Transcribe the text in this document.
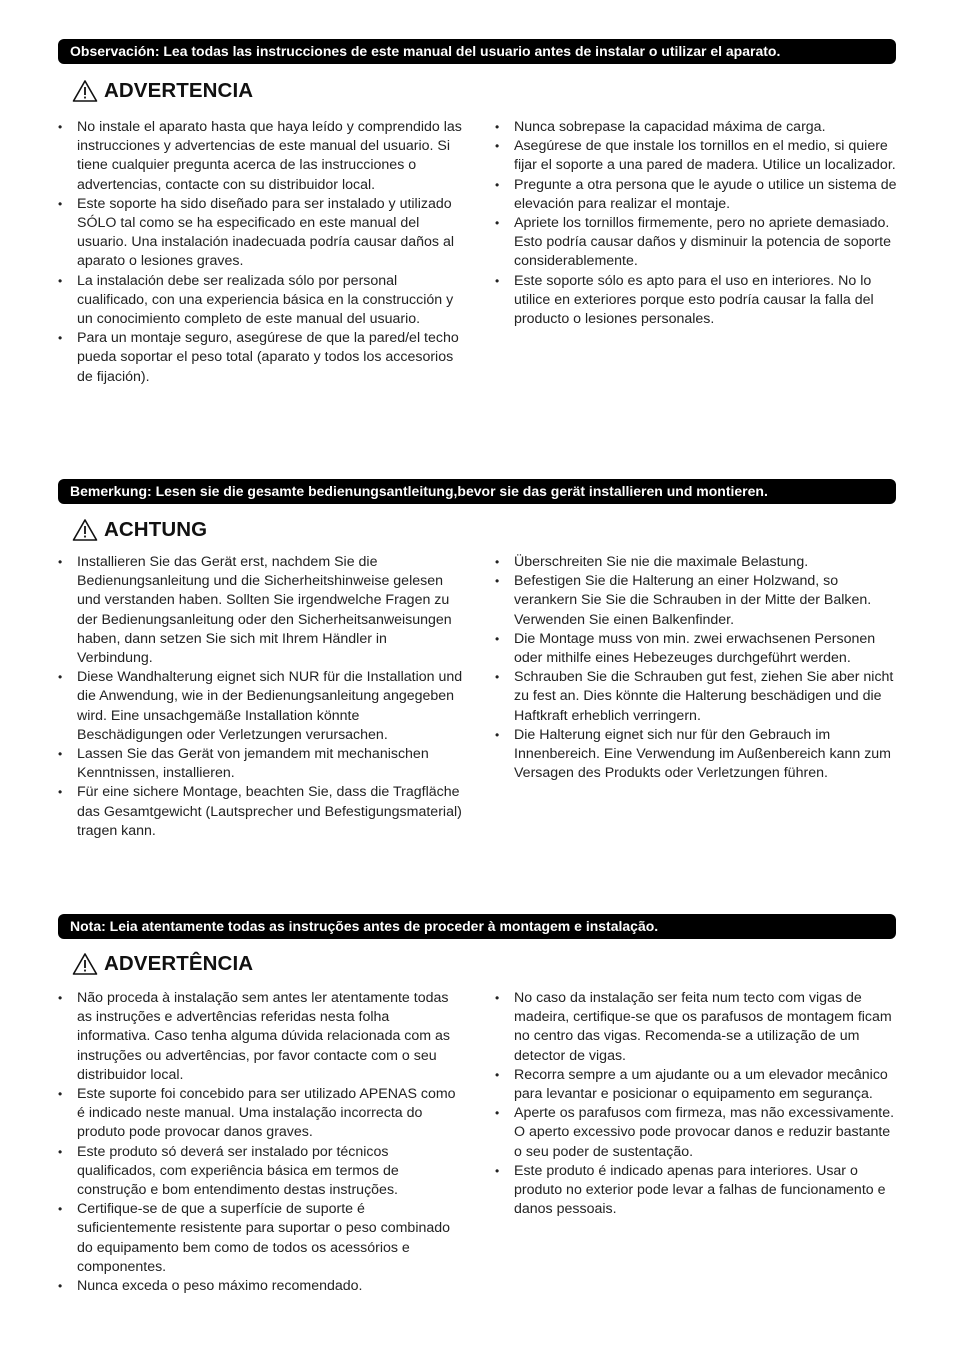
Observación: Lea todas las instrucciones de este manual del usuario antes de instalar o utilizar el aparato.
ADVERTENCIA
• No instale el aparato hasta que haya leído y comprendido las instrucciones y advertencias de este manual del usuario. Si tiene cualquier pregunta acerca de las instrucciones o advertencias, contacte con su distribuidor local.
• Este soporte ha sido diseñado para ser instalado y utilizado SÓLO tal como se ha especificado en este manual del usuario. Una instalación inadecuada podría causar daños al aparato o lesiones graves.
• La instalación debe ser realizada sólo por personal cualificado, con una experiencia básica en la construcción y un conocimiento completo de este manual del usuario.
• Para un montaje seguro, asegúrese de que la pared/el techo pueda soportar el peso total (aparato y todos los accesorios de fijación).
• Nunca sobrepase la capacidad máxima de carga.
• Asegúrese de que instale los tornillos en el medio, si quiere fijar el soporte a una pared de madera. Utilice un localizador.
• Pregunte a otra persona que le ayude o utilice un sistema de elevación para realizar el montaje.
• Apriete los tornillos firmemente, pero no apriete demasiado. Esto podría causar daños y disminuir la potencia de soporte considerablemente.
• Este soporte sólo es apto para el uso en interiores. No lo utilice en exteriores porque esto podría causar la falla del producto o lesiones personales.
Bemerkung: Lesen sie die gesamte bedienungsantleitung,bevor sie das gerät installieren und montieren.
ACHTUNG
• Installieren Sie das Gerät erst, nachdem Sie die Bedienungsanleitung und die Sicherheitshinweise gelesen und verstanden haben. Sollten Sie irgendwelche Fragen zu der Bedienungsanleitung oder den Sicherheitsanweisungen haben, dann setzen Sie sich mit Ihrem Händler in Verbindung.
• Diese Wandhalterung eignet sich NUR für die Installation und die Anwendung, wie in der Bedienungsanleitung angegeben wird. Eine unsachgemäße Installation könnte Beschädigungen oder Verletzungen verursachen.
• Lassen Sie das Gerät von jemandem mit mechanischen Kenntnissen, installieren.
• Für eine sichere Montage, beachten Sie, dass die Tragfläche das Gesamtgewicht (Lautsprecher und Befestigungsmaterial) tragen kann.
• Überschreiten Sie nie die maximale Belastung.
• Befestigen Sie die Halterung an einer Holzwand, so verankern Sie Sie die Schrauben in der Mitte der Balken. Verwenden Sie einen Balkenfinder.
• Die Montage muss von min. zwei erwachsenen Personen oder mithilfe eines Hebezeuges durchgeführt werden.
• Schrauben Sie die Schrauben gut fest, ziehen Sie aber nicht zu fest an. Dies könnte die Halterung beschädigen und die Haftkraft erheblich verringern.
• Die Halterung eignet sich nur für den Gebrauch im Innenbereich. Eine Verwendung im Außenbereich kann zum Versagen des Produkts oder Verletzungen führen.
Nota: Leia atentamente todas as instruções antes de proceder à montagem e instalação.
ADVERTÊNCIA
• Não proceda à instalação sem antes ler atentamente todas as instruções e advertências referidas nesta folha informativa. Caso tenha alguma dúvida relacionada com as instruções ou advertências, por favor contacte com o seu distribuidor local.
• Este suporte foi concebido para ser utilizado APENAS como é indicado neste manual. Uma instalação incorrecta do produto pode provocar danos graves.
• Este produto só deverá ser instalado por técnicos qualificados, com experiência básica em termos de construção e bom entendimento destas instruções.
• Certifique-se de que a superfície de suporte é suficientemente resistente para suportar o peso combinado do equipamento bem como de todos os acessórios e componentes.
• Nunca exceda o peso máximo recomendado.
• No caso da instalação ser feita num tecto com vigas de madeira, certifique-se que os parafusos de montagem ficam no centro das vigas. Recomenda-se a utilização de um detector de vigas.
• Recorra sempre a um ajudante ou a um elevador mecânico para levantar e posicionar o equipamento em segurança.
• Aperte os parafusos com firmeza, mas não excessivamente. O aperto excessivo pode provocar danos e reduzir bastante o seu poder de sustentação.
• Este produto é indicado apenas para interiores. Usar o produto no exterior pode levar a falhas de funcionamento e danos pessoais.
